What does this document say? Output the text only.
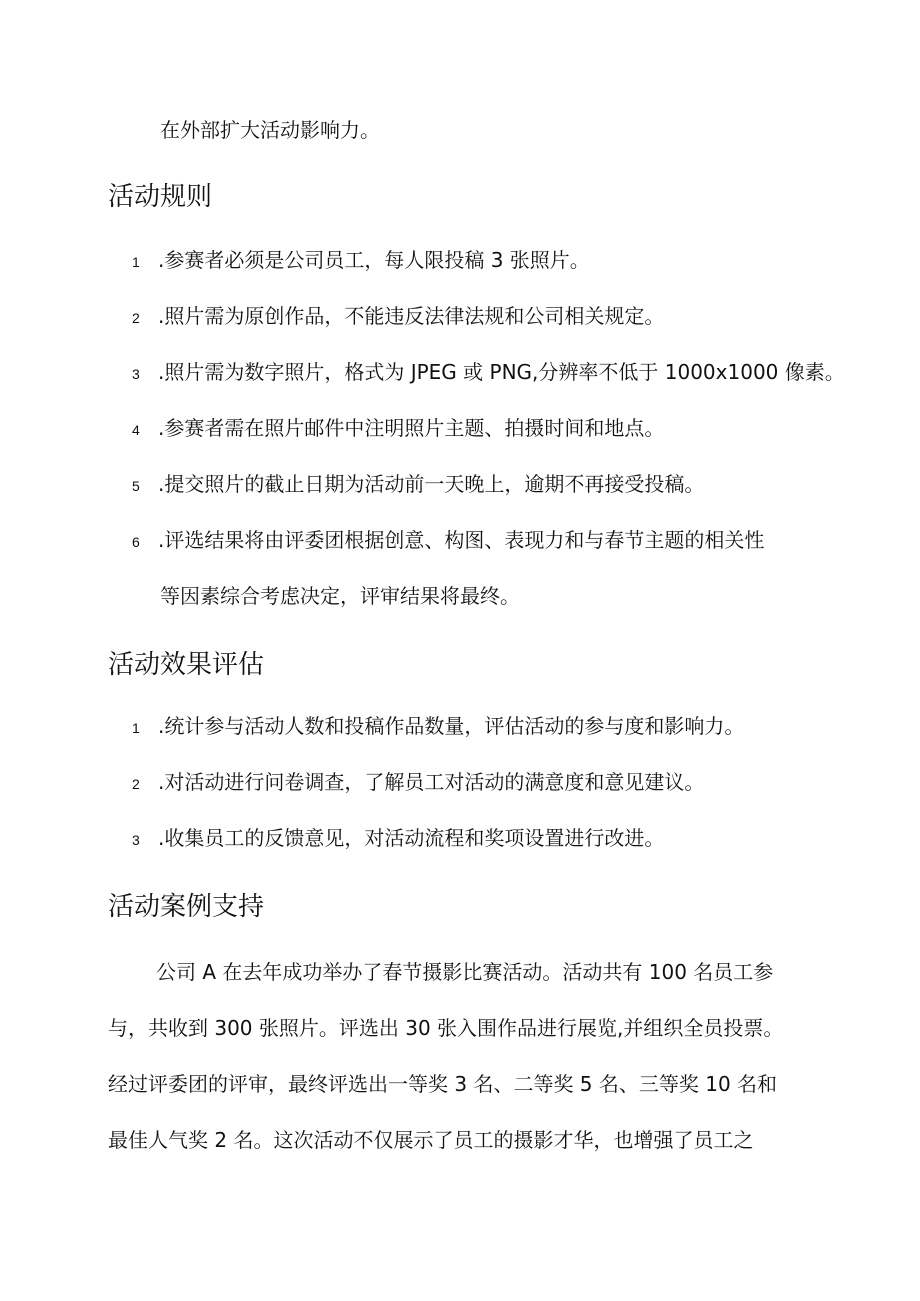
在外部扩大活动影响力。
活动规则
1 .参赛者必须是公司员工，每人限投稿 3 张照片。
2 .照片需为原创作品，不能违反法律法规和公司相关规定。
3 .照片需为数字照片，格式为 JPEG 或 PNG,分辨率不低于 1000x1000 像素。
4 .参赛者需在照片邮件中注明照片主题、拍摄时间和地点。
5 .提交照片的截止日期为活动前一天晚上，逾期不再接受投稿。
6 .评选结果将由评委团根据创意、构图、表现力和与春节主题的相关性
等因素综合考虑决定，评审结果将最终。
活动效果评估
1 .统计参与活动人数和投稿作品数量，评估活动的参与度和影响力。
2 .对活动进行问卷调查，了解员工对活动的满意度和意见建议。
3 .收集员工的反馈意见，对活动流程和奖项设置进行改进。
活动案例支持
公司 A 在去年成功举办了春节摄影比赛活动。活动共有 100 名员工参
与，共收到 300 张照片。评选出 30 张入围作品进行展览,并组织全员投票。
经过评委团的评审，最终评选出一等奖 3 名、二等奖 5 名、三等奖 10 名和
最佳人气奖 2 名。这次活动不仅展示了员工的摄影才华，也增强了员工之
